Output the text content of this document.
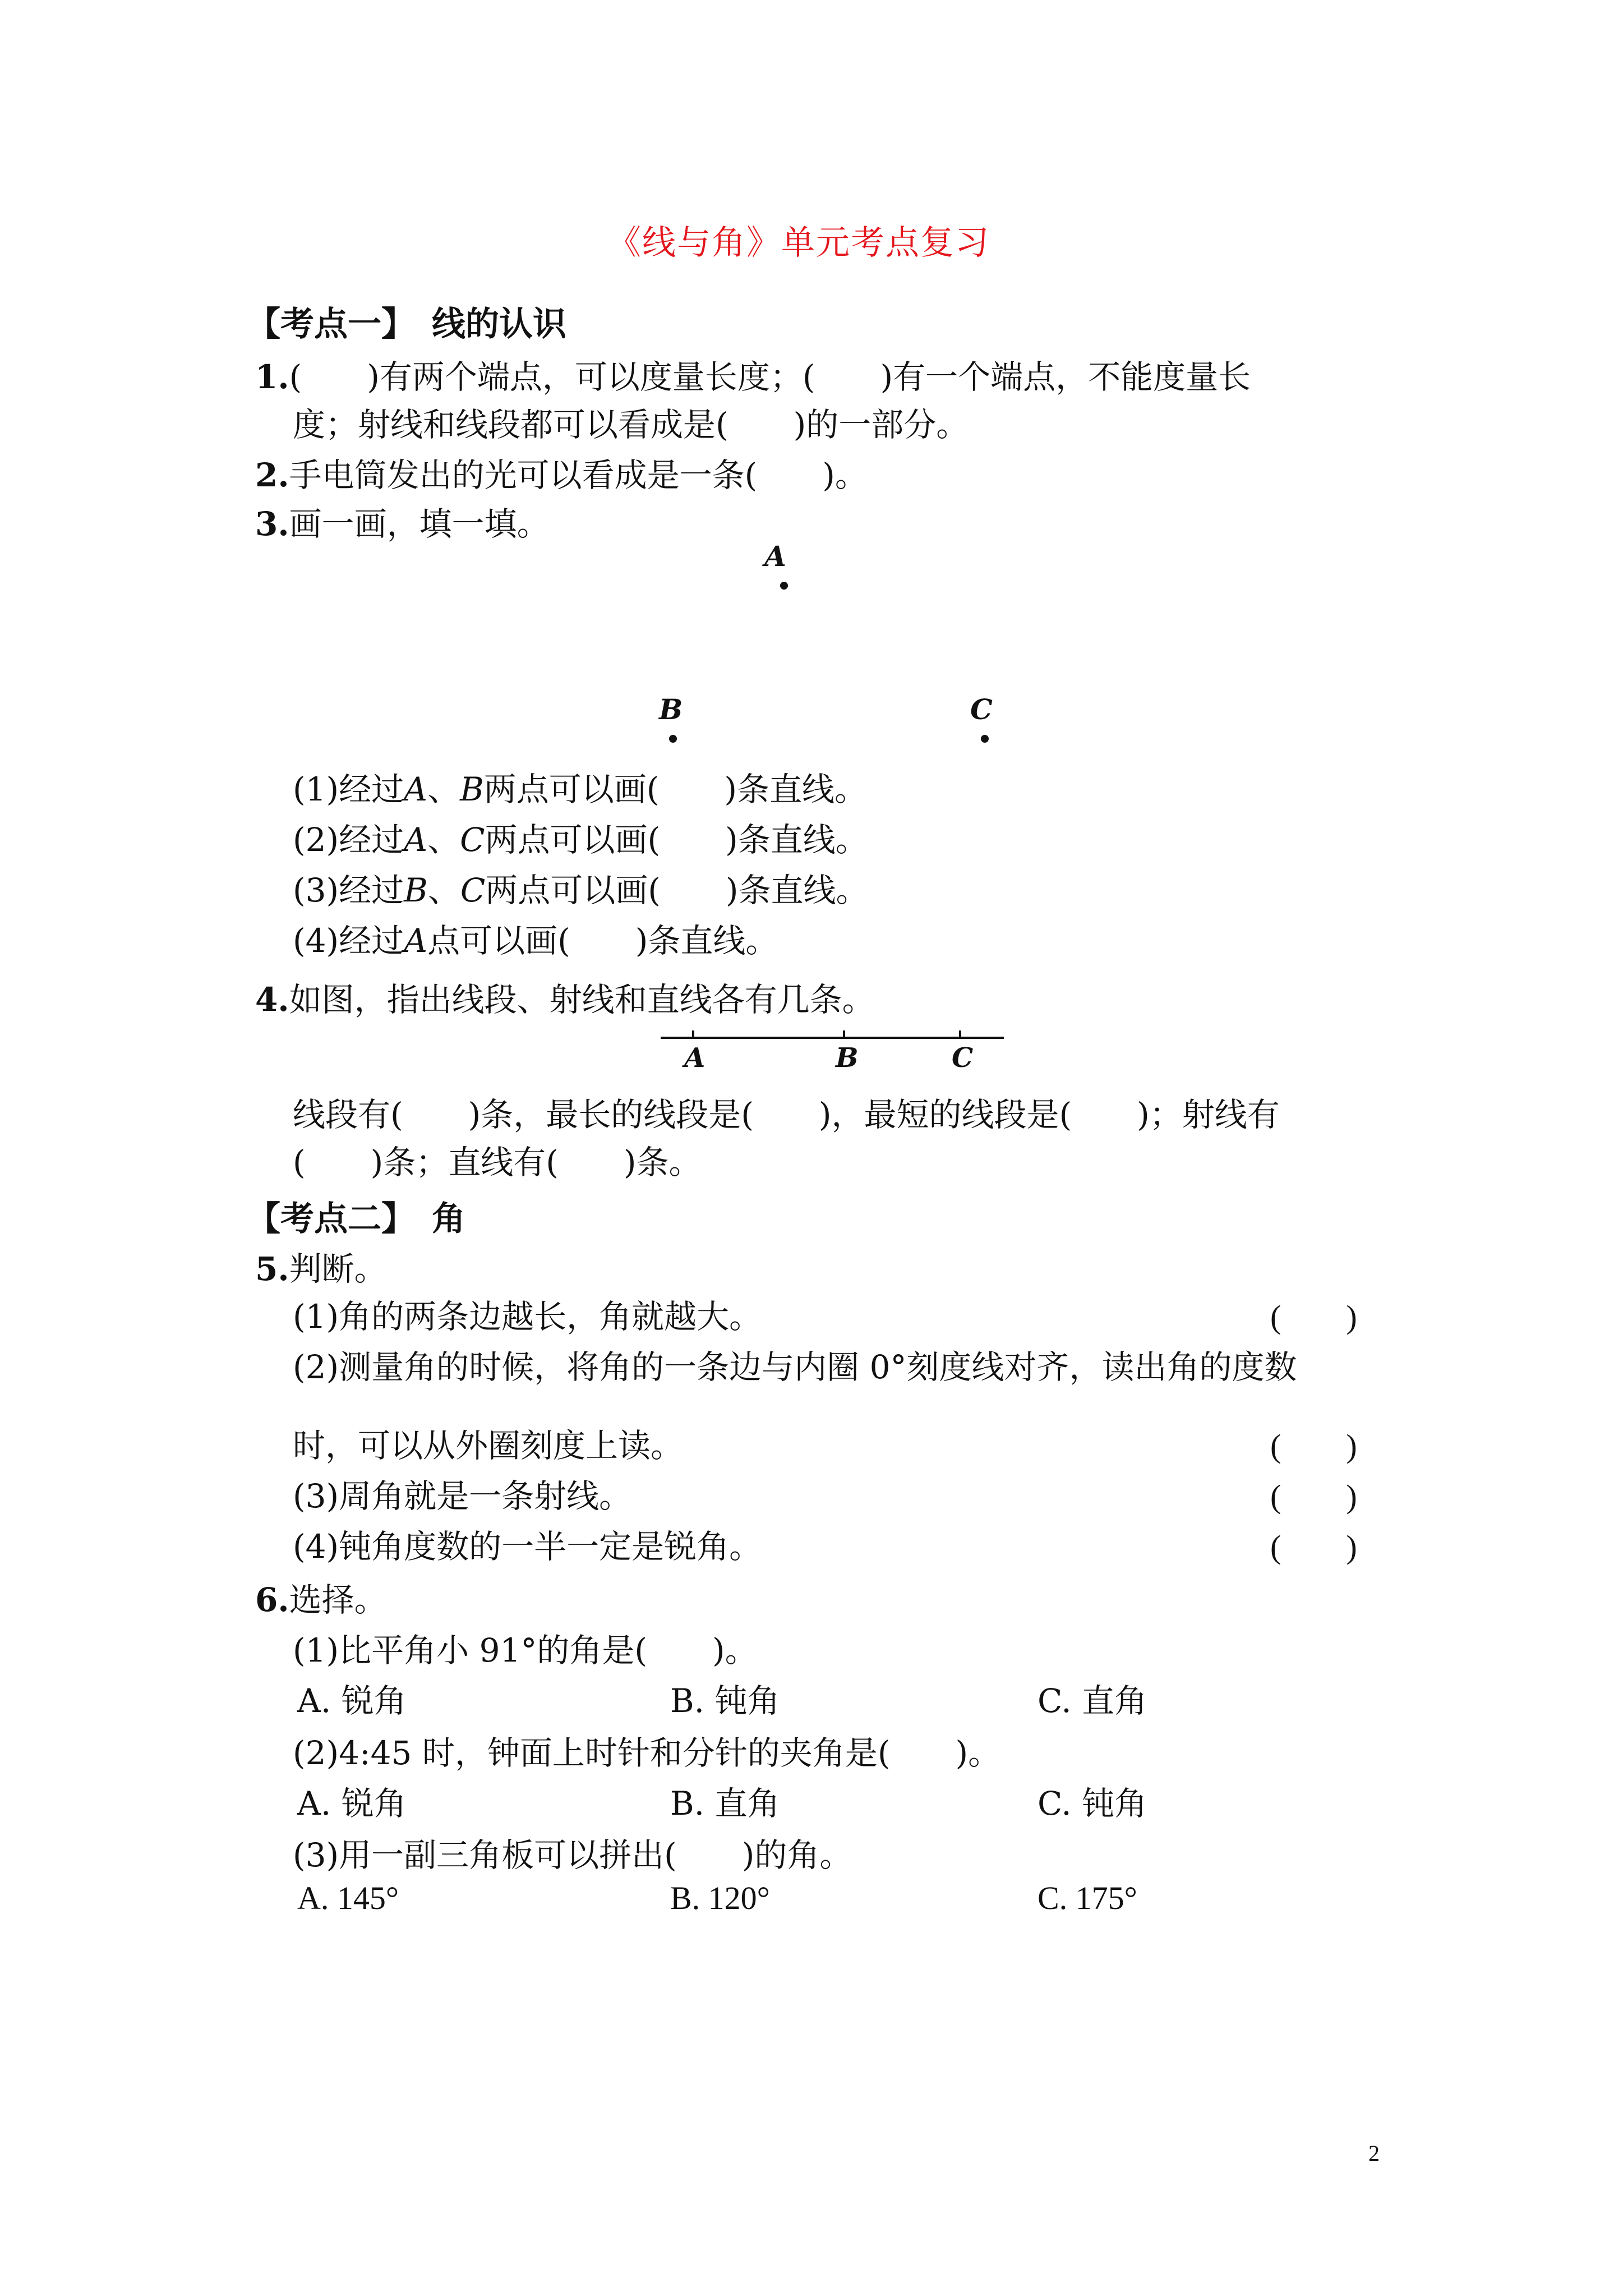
《线与角》单元考点复习
【考点一】 线的认识
1.(　　)有两个端点，可以度量长度；(　　)有一个端点，不能度量长
度；射线和线段都可以看成是(　　)的一部分。
2.手电筒发出的光可以看成是一条(　　)。
3.画一画，填一填。
A
B	C
(1)经过A、B两点可以画(　　)条直线。
(2)经过A、C两点可以画(　　)条直线。
(3)经过B、C两点可以画(　　)条直线。
(4)经过A点可以画(　　)条直线。
4.如图，指出线段、射线和直线各有几条。
A	B	C
线段有(　　)条，最长的线段是(　　)，最短的线段是(　　)；射线有
(　　)条；直线有(　　)条。
【考点二】 角
5.判断。
(1)角的两条边越长，角就越大。	(　　)
(2)测量角的时候，将角的一条边与内圈 0°刻度线对齐，读出角的度数
时，可以从外圈刻度上读。	(　　)
(3)周角就是一条射线。	(　　)
(4)钝角度数的一半一定是锐角。	(　　)
6.选择。
(1)比平角小 91°的角是(　　)。
A. 锐角	B. 钝角	C. 直角
(2)4:45 时，钟面上时针和分针的夹角是(　　)。
A. 锐角	B. 直角	C. 钝角
(3)用一副三角板可以拼出(　　)的角。
A. 145°	B. 120°	C. 175°
2
